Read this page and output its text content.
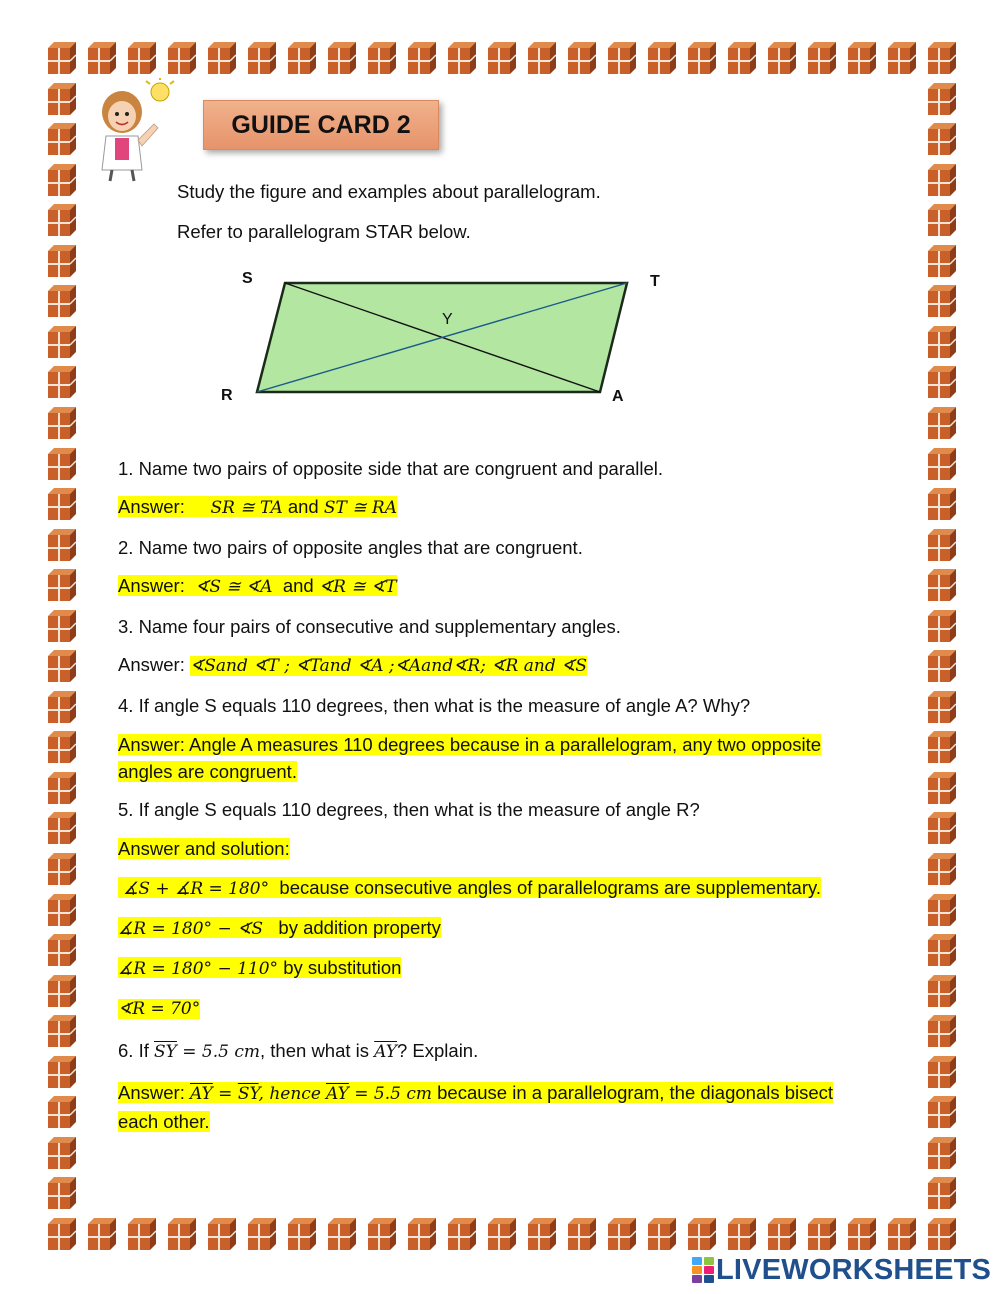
GUIDE CARD 2
Study the figure and examples about parallelogram.
Refer to parallelogram STAR below.
S	T
R	A
Y
1. Name two pairs of opposite side that are congruent and parallel.
Answer: SR ≅ TA and ST ≅ RA
2. Name two pairs of opposite angles that are congruent.
Answer: ∢S ≅ ∢A and ∢R ≅ ∢T
3. Name four pairs of consecutive and supplementary angles.
Answer: ∢Sand ∢T ; ∢Tand ∢A ;∢Aand∢R; ∢R and ∢S
4. If angle S equals 110 degrees, then what is the measure of angle A? Why?
Answer: Angle A measures 110 degrees because in a parallelogram, any two opposite angles are congruent.
5. If angle S equals 110 degrees, then what is the measure of angle R?
Answer and solution:
∡S + ∡R = 180° because consecutive angles of parallelograms are supplementary.
∡R = 180° − ∢S by addition property
∡R = 180° − 110° by substitution
∢R = 70°
6. If $\overline{SY} = 5.5$ cm, then what is $\overline{AY}$? Explain.
Answer: $\overline{AY} = \overline{SY}$, hence $\overline{AY} = 5.5$ cm because in a parallelogram, the diagonals bisect each other.
LIVEWORKSHEETS
